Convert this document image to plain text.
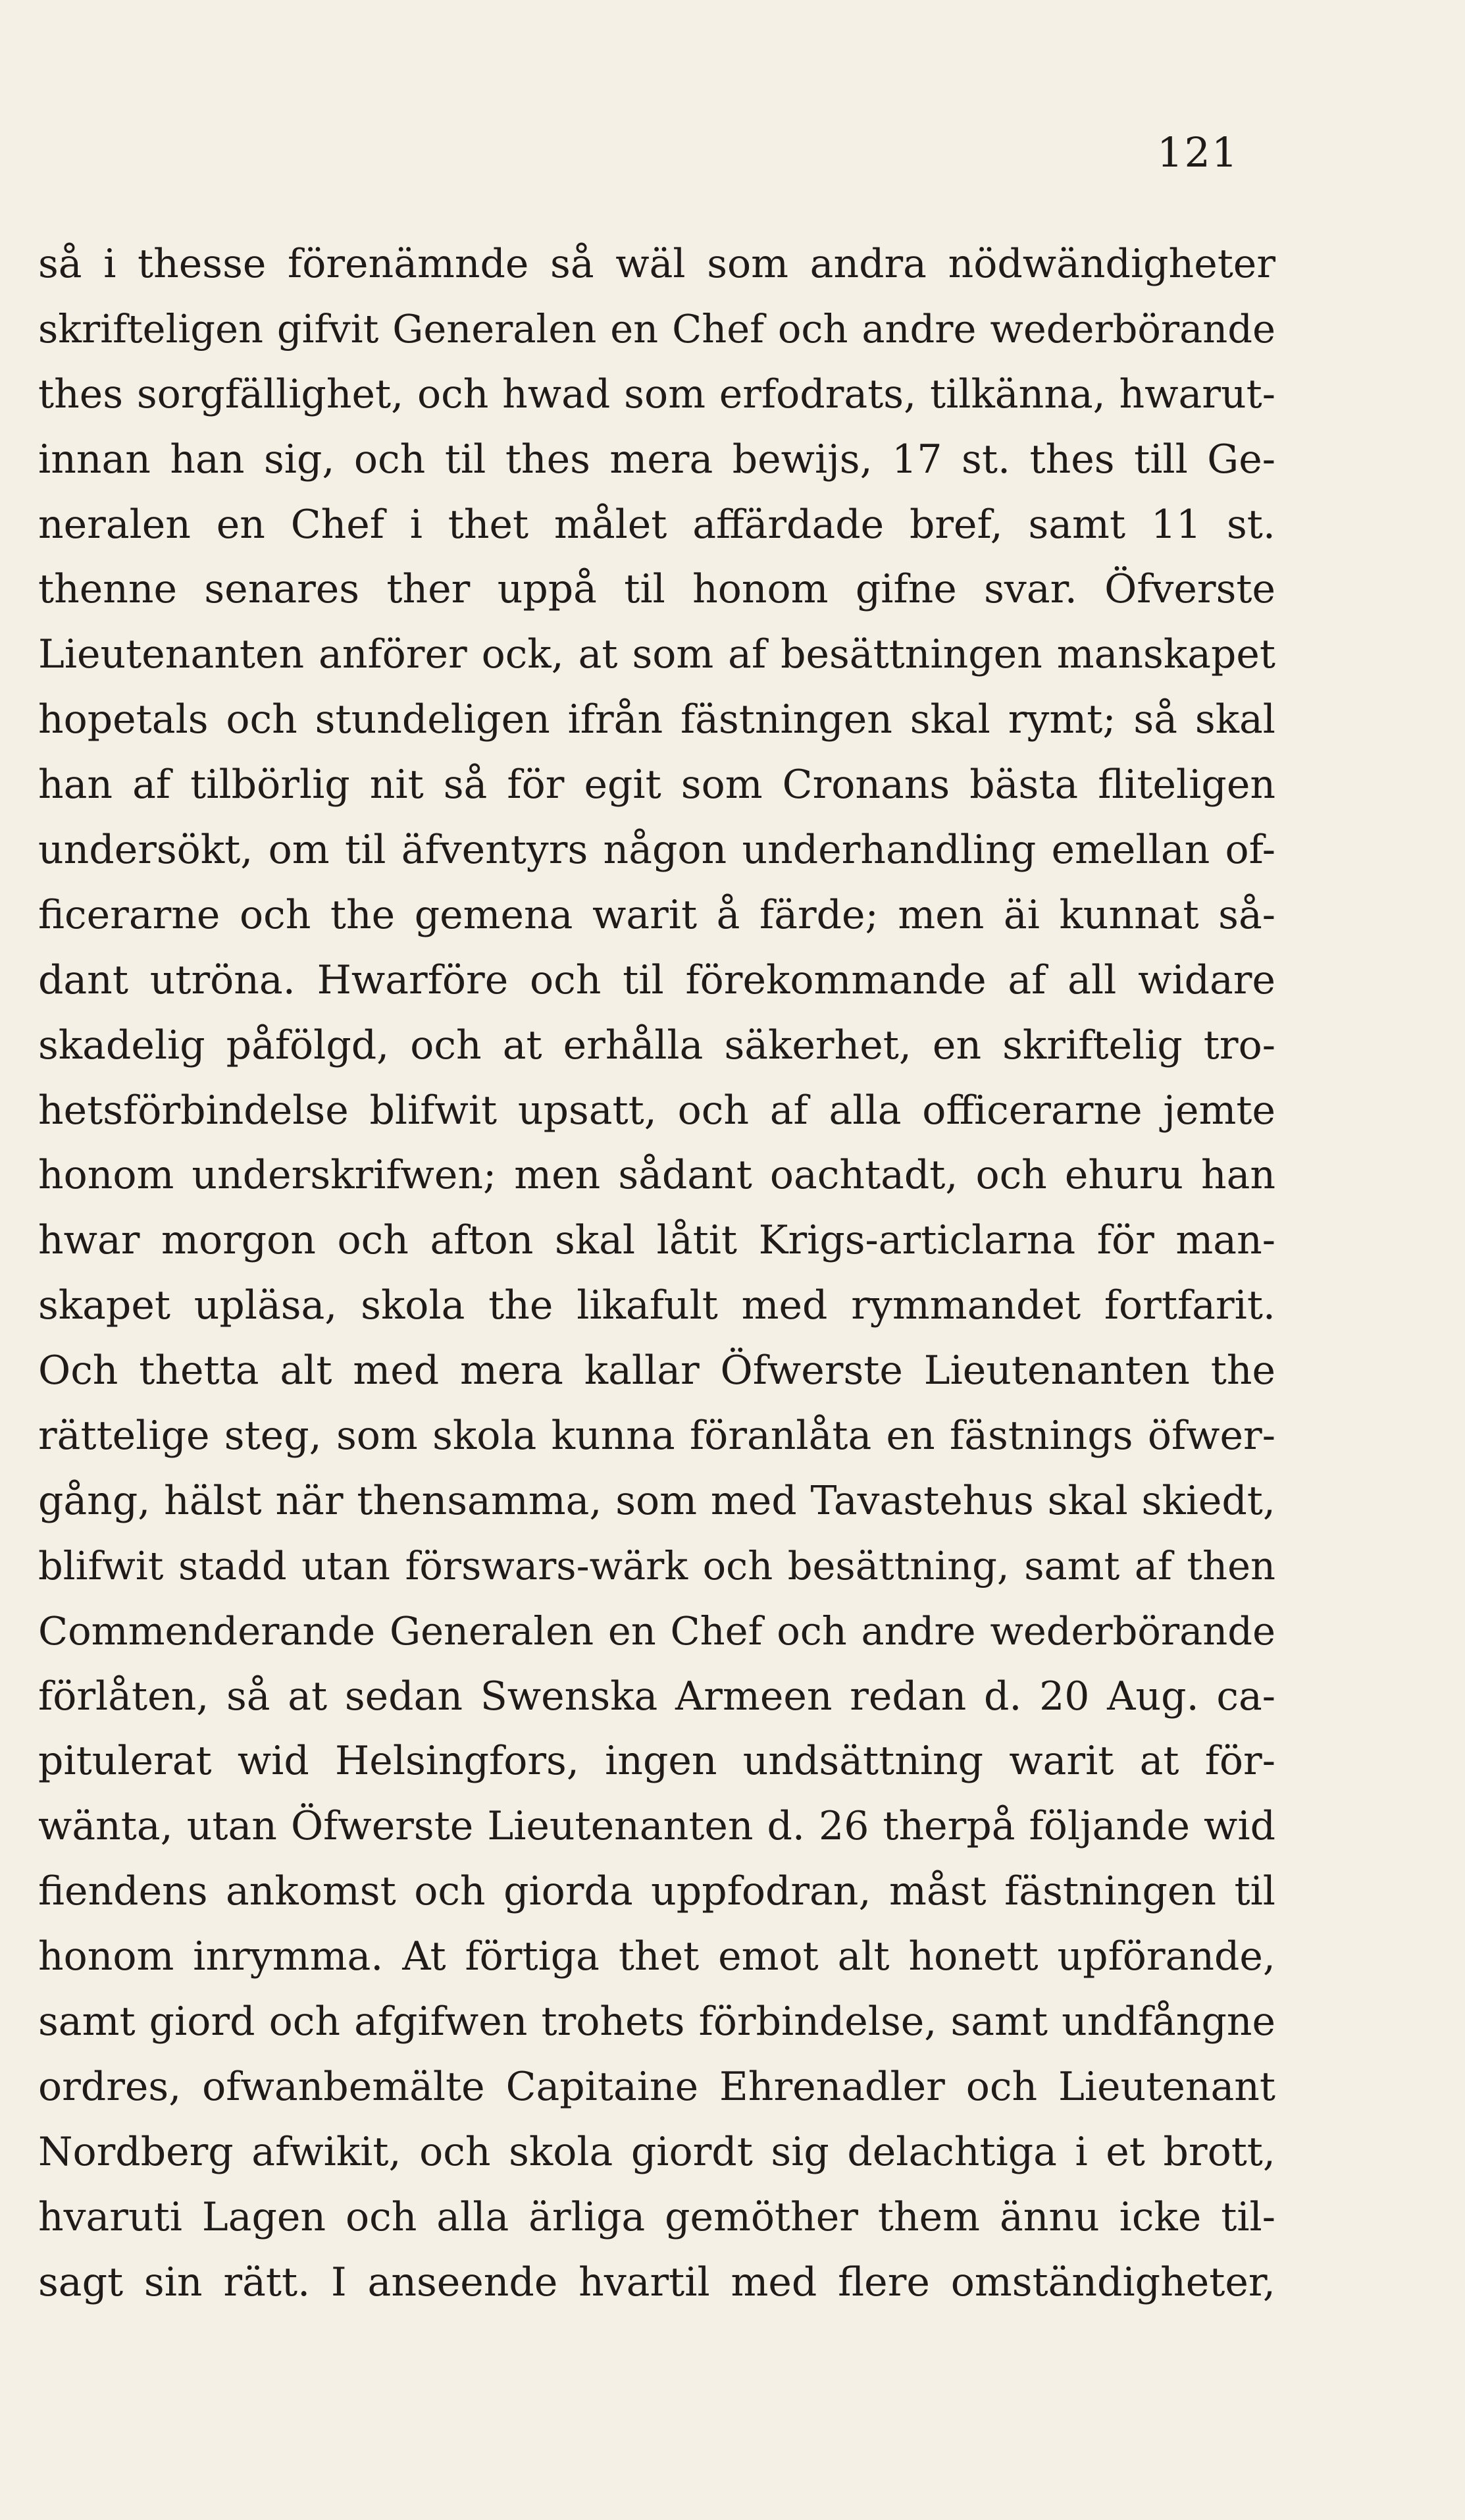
121
så i thesse förenämnde så wäl som andra nödwändigheter
skrifteligen gifvit Generalen en Chef och andre wederbörande
thes sorgfällighet, och hwad som erfodrats, tilkänna, hwarut-
innan han sig, och til thes mera bewijs, 17 st. thes till Ge-
neralen en Chef i thet målet affärdade bref, samt 11 st.
thenne senares ther uppå til honom gifne svar. Öfverste
Lieutenanten anförer ock, at som af besättningen manskapet
hopetals och stundeligen ifrån fästningen skal rymt; så skal
han af tilbörlig nit så för egit som Cronans bästa fliteligen
undersökt, om til äfventyrs någon underhandling emellan of-
ficerarne och the gemena warit å färde; men äi kunnat så-
dant utröna. Hwarföre och til förekommande af all widare
skadelig påfölgd, och at erhålla säkerhet, en skriftelig tro-
hetsförbindelse blifwit upsatt, och af alla officerarne jemte
honom underskrifwen; men sådant oachtadt, och ehuru han
hwar morgon och afton skal låtit Krigs-articlarna för man-
skapet upläsa, skola the likafult med rymmandet fortfarit.
Och thetta alt med mera kallar Öfwerste Lieutenanten the
rättelige steg, som skola kunna föranlåta en fästnings öfwer-
gång, hälst när thensamma, som med Tavastehus skal skiedt,
blifwit stadd utan förswars-wärk och besättning, samt af then
Commenderande Generalen en Chef och andre wederbörande
förlåten, så at sedan Swenska Armeen redan d. 20 Aug. ca-
pitulerat wid Helsingfors, ingen undsättning warit at för-
wänta, utan Öfwerste Lieutenanten d. 26 therpå följande wid
fiendens ankomst och giorda uppfodran, måst fästningen til
honom inrymma. At förtiga thet emot alt honett upförande,
samt giord och afgifwen trohets förbindelse, samt undfångne
ordres, ofwanbemälte Capitaine Ehrenadler och Lieutenant
Nordberg afwikit, och skola giordt sig delachtiga i et brott,
hvaruti Lagen och alla ärliga gemöther them ännu icke til-
sagt sin rätt. I anseende hvartil med flere omständigheter,
